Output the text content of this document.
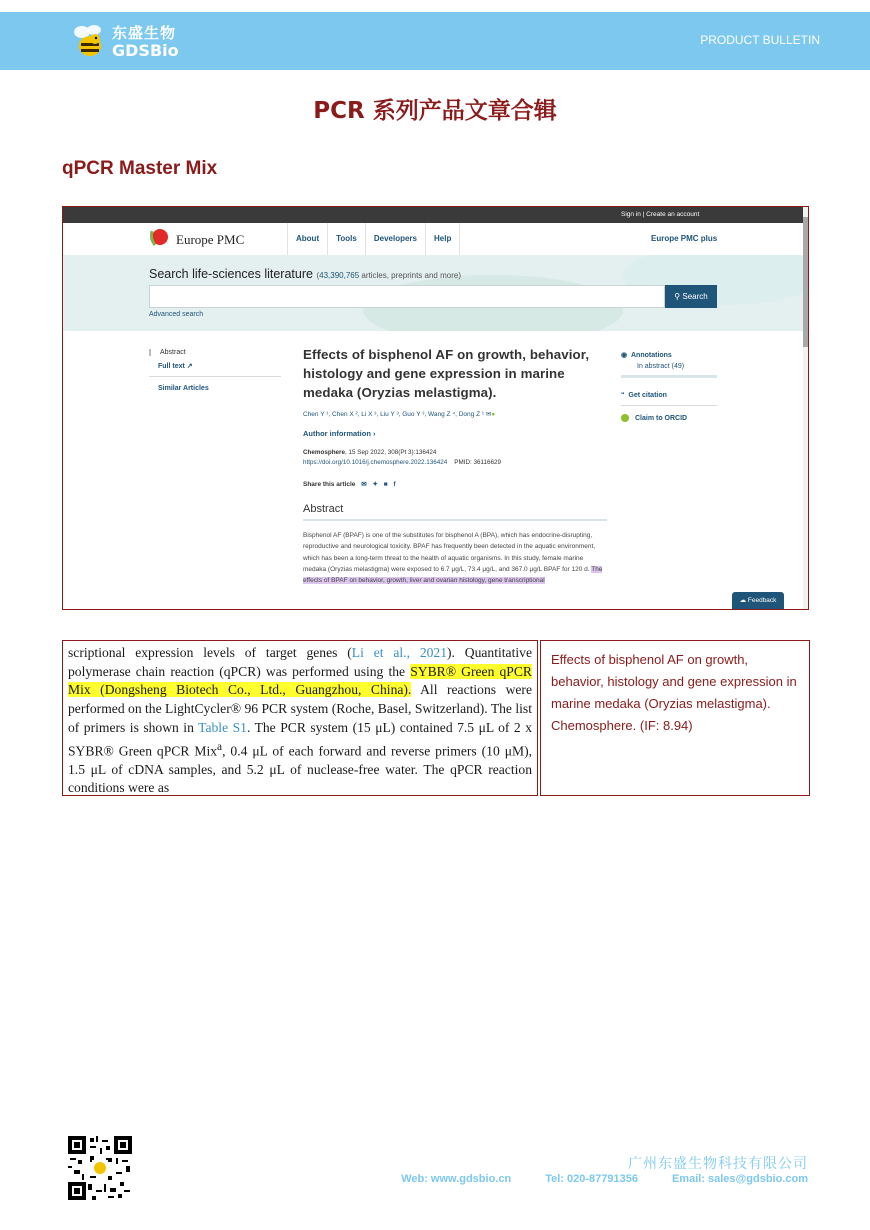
东盛生物
GDSBio
PRODUCT BULLETIN
PCR 系列产品文章合辑
qPCR Master Mix
Sign in | Create an account
Europe PMC	About	Tools	Developers	Help	Europe PMC plus
Search life-sciences literature (43,390,765 articles, preprints and more)
⚲ Search
Advanced search
Abstract
Full text ↗
Similar Articles
Effects of bisphenol AF on growth, behavior, histology and gene expression in marine medaka (Oryzias melastigma).
Chen Y ¹, Chen X ², Li X ³, Liu Y ³, Guo Y ³, Wang Z ⁴, Dong Z ¹ ✉●
Author information ›
Chemosphere, 15 Sep 2022, 308(Pt 3):136424
https://doi.org/10.1016/j.chemosphere.2022.136424 PMID: 36116629
Share this article ✉ ✦ ■ f
Abstract
Bisphenol AF (BPAF) is one of the substitutes for bisphenol A (BPA), which has endocrine-disrupting, reproductive and neurological toxicity. BPAF has frequently been detected in the aquatic environment, which has been a long-term threat to the health of aquatic organisms. In this study, female marine medaka (Oryzias melastigma) were exposed to 6.7 μg/L, 73.4 μg/L, and 367.0 μg/L BPAF for 120 d. The effects of BPAF on behavior, growth, liver and ovarian histology, gene transcriptional
◉ Annotations
In abstract (49)
“ Get citation
Claim to ORCID
☁ Feedback

scriptional expression levels of target genes (Li et al., 2021). Quantitative polymerase chain reaction (qPCR) was performed using the SYBR® Green qPCR Mix (Dongsheng Biotech Co., Ltd., Guangzhou, China). All reactions were performed on the LightCycler® 96 PCR system (Roche, Basel, Switzerland). The list of primers is shown in Table S1. The PCR system (15 μL) contained 7.5 μL of 2 x SYBR® Green qPCR Mix$^a$, 0.4 μL of each forward and reverse primers (10 μM), 1.5 μL of cDNA samples, and 5.2 μL of nuclease-free water. The qPCR reaction conditions were as

Effects of bisphenol AF on growth, behavior, histology and gene expression in marine medaka (Oryzias melastigma). Chemosphere. (IF: 8.94)

广州东盛生物科技有限公司
Web: www.gdsbio.cn	Tel: 020-87791356	Email: sales@gdsbio.com
